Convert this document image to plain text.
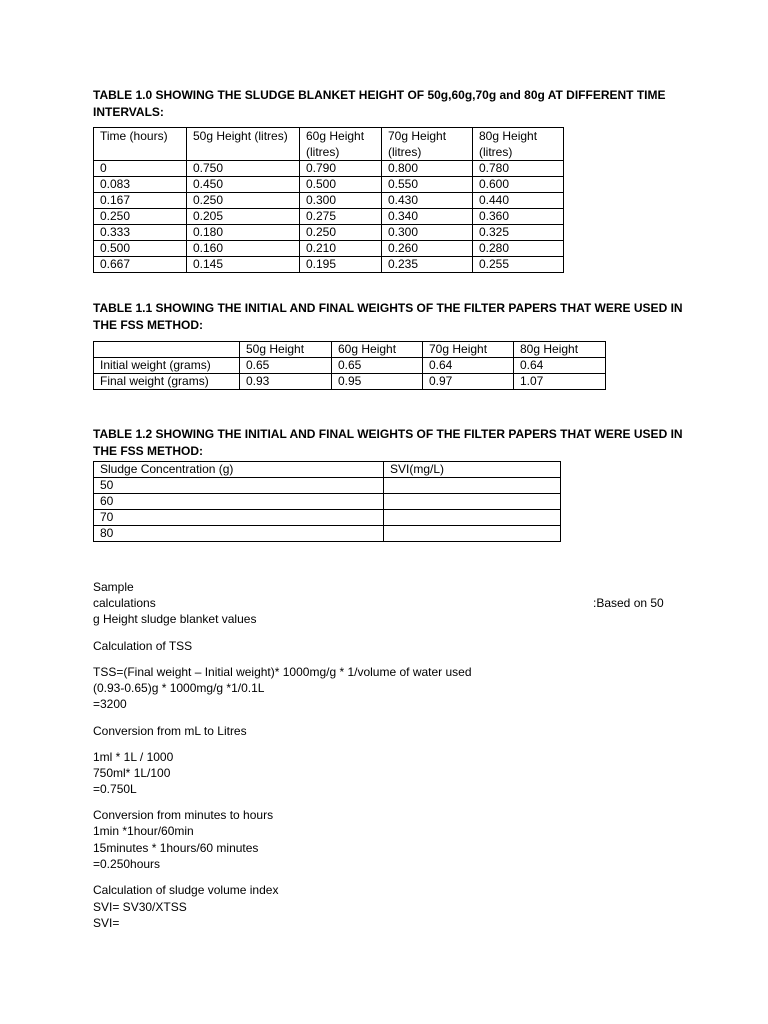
TABLE 1.0 SHOWING THE SLUDGE BLANKET HEIGHT OF 50g,60g,70g and 80g AT DIFFERENT TIME INTERVALS:
Time (hours)	50g Height (litres)	60g Height (litres)	70g Height (litres)	80g Height (litres)
0	0.750	0.790	0.800	0.780
0.083	0.450	0.500	0.550	0.600
0.167	0.250	0.300	0.430	0.440
0.250	0.205	0.275	0.340	0.360
0.333	0.180	0.250	0.300	0.325
0.500	0.160	0.210	0.260	0.280
0.667	0.145	0.195	0.235	0.255
TABLE 1.1 SHOWING THE INITIAL AND FINAL WEIGHTS OF THE FILTER PAPERS THAT WERE USED IN THE FSS METHOD:
	50g Height	60g Height	70g Height	80g Height
Initial weight (grams)	0.65	0.65	0.64	0.64
Final weight (grams)	0.93	0.95	0.97	1.07
TABLE 1.2 SHOWING THE INITIAL AND FINAL WEIGHTS OF THE FILTER PAPERS THAT WERE USED IN THE FSS METHOD:
Sludge Concentration (g)	SVI(mg/L)
50	
60	
70	
80	
Sample
calculations	:Based on 50
g Height sludge blanket values
Calculation of TSS
TSS=(Final weight – Initial weight)* 1000mg/g * 1/volume of water used
(0.93-0.65)g * 1000mg/g *1/0.1L
=3200
Conversion from mL to Litres
1ml * 1L / 1000
750ml* 1L/100
=0.750L
Conversion from minutes to hours
1min *1hour/60min
15minutes * 1hours/60 minutes
=0.250hours
Calculation of sludge volume index
SVI= SV30/XTSS
SVI=
